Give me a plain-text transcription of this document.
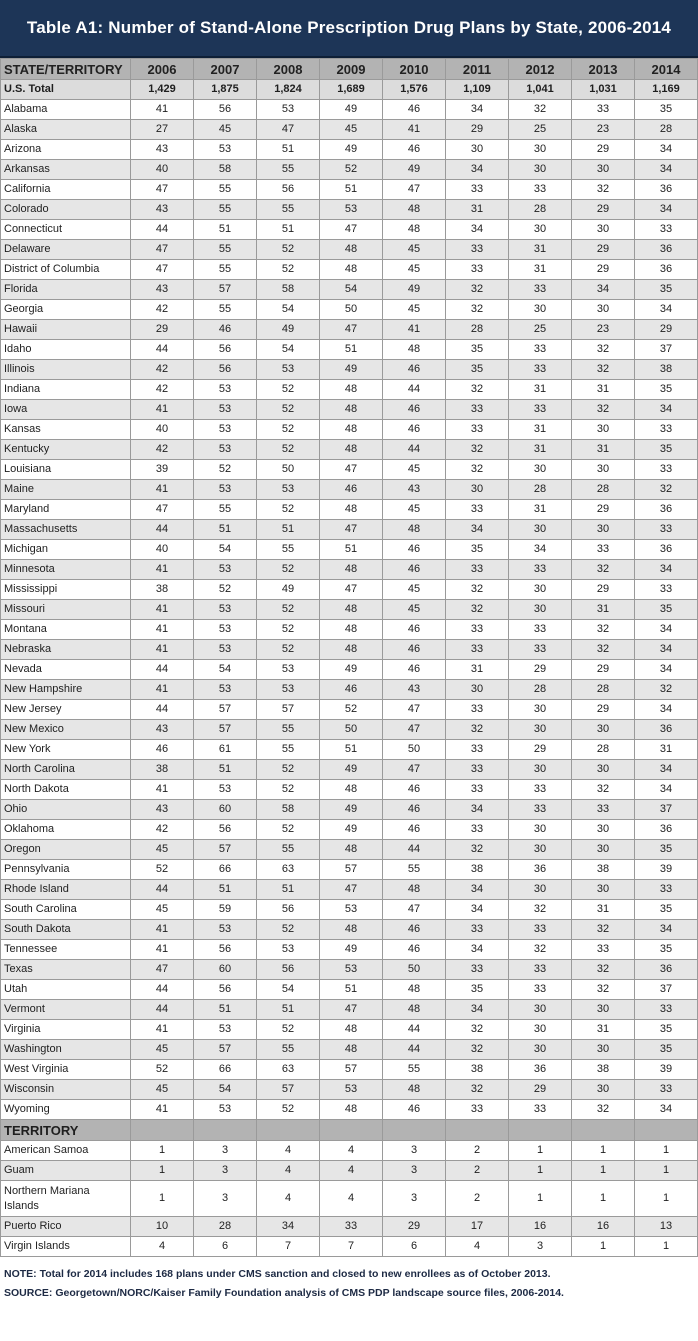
Table A1: Number of Stand-Alone Prescription Drug Plans by State, 2006-2014
STATE/TERRITORY	2006	2007	2008	2009	2010	2011	2012	2013	2014
U.S. Total	1,429	1,875	1,824	1,689	1,576	1,109	1,041	1,031	1,169
Alabama	41	56	53	49	46	34	32	33	35
Alaska	27	45	47	45	41	29	25	23	28
Arizona	43	53	51	49	46	30	30	29	34
Arkansas	40	58	55	52	49	34	30	30	34
California	47	55	56	51	47	33	33	32	36
Colorado	43	55	55	53	48	31	28	29	34
Connecticut	44	51	51	47	48	34	30	30	33
Delaware	47	55	52	48	45	33	31	29	36
District of Columbia	47	55	52	48	45	33	31	29	36
Florida	43	57	58	54	49	32	33	34	35
Georgia	42	55	54	50	45	32	30	30	34
Hawaii	29	46	49	47	41	28	25	23	29
Idaho	44	56	54	51	48	35	33	32	37
Illinois	42	56	53	49	46	35	33	32	38
Indiana	42	53	52	48	44	32	31	31	35
Iowa	41	53	52	48	46	33	33	32	34
Kansas	40	53	52	48	46	33	31	30	33
Kentucky	42	53	52	48	44	32	31	31	35
Louisiana	39	52	50	47	45	32	30	30	33
Maine	41	53	53	46	43	30	28	28	32
Maryland	47	55	52	48	45	33	31	29	36
Massachusetts	44	51	51	47	48	34	30	30	33
Michigan	40	54	55	51	46	35	34	33	36
Minnesota	41	53	52	48	46	33	33	32	34
Mississippi	38	52	49	47	45	32	30	29	33
Missouri	41	53	52	48	45	32	30	31	35
Montana	41	53	52	48	46	33	33	32	34
Nebraska	41	53	52	48	46	33	33	32	34
Nevada	44	54	53	49	46	31	29	29	34
New Hampshire	41	53	53	46	43	30	28	28	32
New Jersey	44	57	57	52	47	33	30	29	34
New Mexico	43	57	55	50	47	32	30	30	36
New York	46	61	55	51	50	33	29	28	31
North Carolina	38	51	52	49	47	33	30	30	34
North Dakota	41	53	52	48	46	33	33	32	34
Ohio	43	60	58	49	46	34	33	33	37
Oklahoma	42	56	52	49	46	33	30	30	36
Oregon	45	57	55	48	44	32	30	30	35
Pennsylvania	52	66	63	57	55	38	36	38	39
Rhode Island	44	51	51	47	48	34	30	30	33
South Carolina	45	59	56	53	47	34	32	31	35
South Dakota	41	53	52	48	46	33	33	32	34
Tennessee	41	56	53	49	46	34	32	33	35
Texas	47	60	56	53	50	33	33	32	36
Utah	44	56	54	51	48	35	33	32	37
Vermont	44	51	51	47	48	34	30	30	33
Virginia	41	53	52	48	44	32	30	31	35
Washington	45	57	55	48	44	32	30	30	35
West Virginia	52	66	63	57	55	38	36	38	39
Wisconsin	45	54	57	53	48	32	29	30	33
Wyoming	41	53	52	48	46	33	33	32	34
TERRITORY									
American Samoa	1	3	4	4	3	2	1	1	1
Guam	1	3	4	4	3	2	1	1	1
Northern Mariana Islands	1	3	4	4	3	2	1	1	1
Puerto Rico	10	28	34	33	29	17	16	16	13
Virgin Islands	4	6	7	7	6	4	3	1	1
NOTE: Total for 2014 includes 168 plans under CMS sanction and closed to new enrollees as of October 2013.
SOURCE: Georgetown/NORC/Kaiser Family Foundation analysis of CMS PDP landscape source files, 2006-2014.
